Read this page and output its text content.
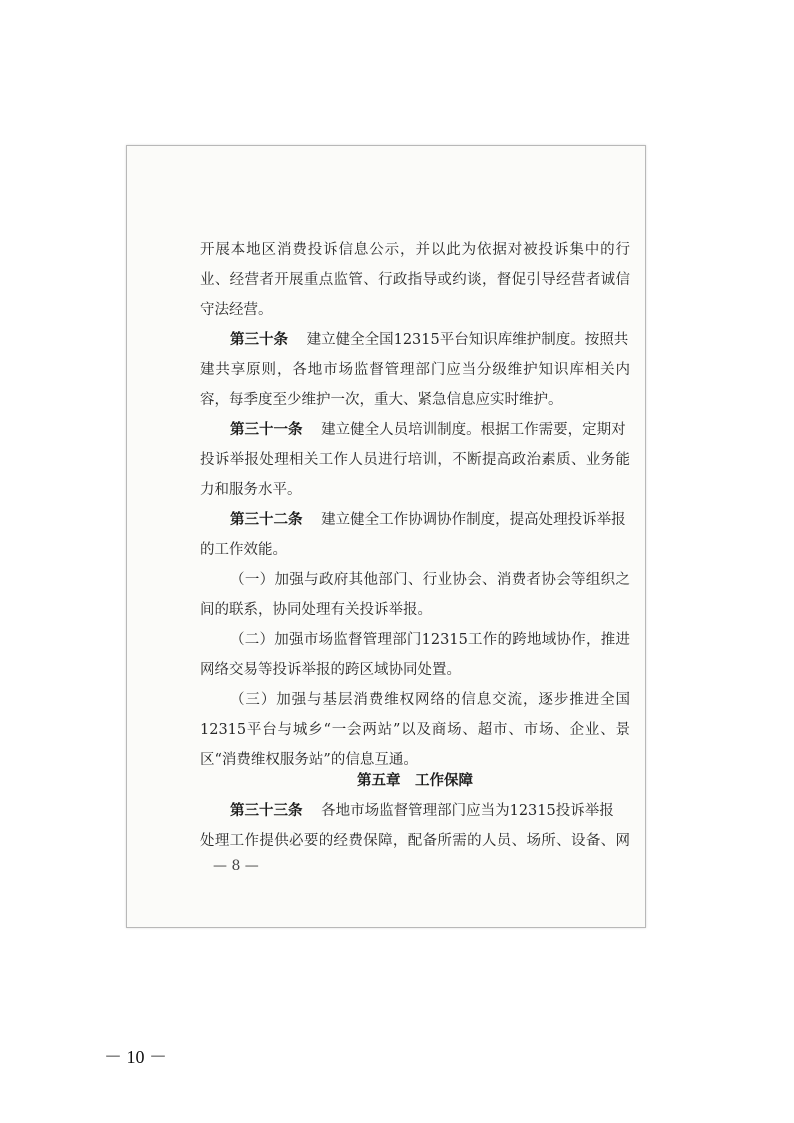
开展本地区消费投诉信息公示，并以此为依据对被投诉集中的行
业、经营者开展重点监管、行政指导或约谈，督促引导经营者诚信
守法经营。
第三十条 建立健全全国12315平台知识库维护制度。按照共
建共享原则，各地市场监督管理部门应当分级维护知识库相关内
容，每季度至少维护一次，重大、紧急信息应实时维护。
第三十一条 建立健全人员培训制度。根据工作需要，定期对
投诉举报处理相关工作人员进行培训，不断提高政治素质、业务能
力和服务水平。
第三十二条 建立健全工作协调协作制度，提高处理投诉举报
的工作效能。
（一）加强与政府其他部门、行业协会、消费者协会等组织之
间的联系，协同处理有关投诉举报。
（二）加强市场监督管理部门12315工作的跨地域协作，推进
网络交易等投诉举报的跨区域协同处置。
（三）加强与基层消费维权网络的信息交流，逐步推进全国
12315平台与城乡“一会两站”以及商场、超市、市场、企业、景
区“消费维权服务站”的信息互通。
第五章　工作保障
第三十三条 各地市场监督管理部门应当为12315投诉举报
处理工作提供必要的经费保障，配备所需的人员、场所、设备、网
— 8 —
－ 10 －
